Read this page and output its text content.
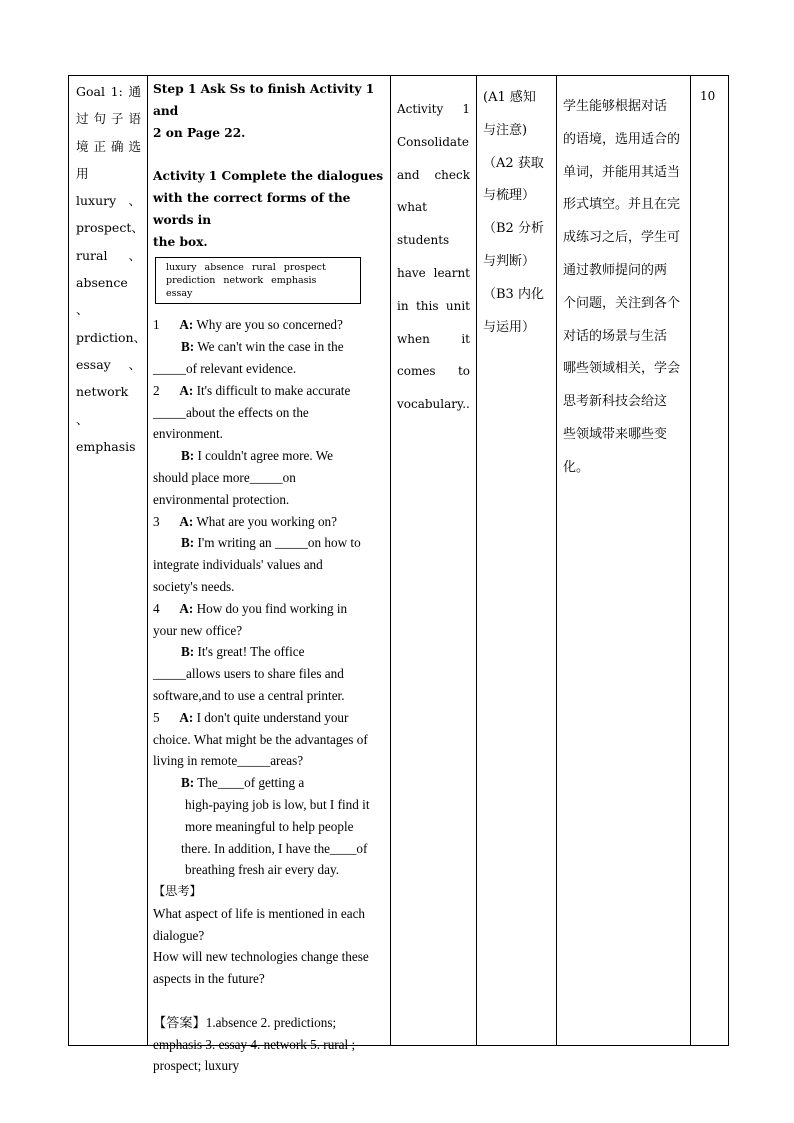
Goal 1: 通
过句子语
境正确选
用luxury、
prospect、
rural 、
absence 、
prdiction、
essay 、
network 、
emphasis
Step 1 Ask Ss to finish Activity 1 and
2 on Page 22.
Activity 1 Complete the dialogues
with the correct forms of the words in
the box.
luxury absence rural prospect
prediction network emphasisessay
1 A: Why are you so concerned?
B: We can't win the case in the
_____of relevant evidence.
2 A: It's difficult to make accurate
_____about the effects on the
environment.
B: I couldn't agree more. We
should place more_____on
environmental protection.
3 A: What are you working on?
B: I'm writing an _____on how to
integrate individuals' values and
society's needs.
4 A: How do you find working in
your new office?
B: It's great! The office
_____allows users to share files and
software,and to use a central printer.
5 A: I don't quite understand your
choice. What might be the advantages of
living in remote_____areas?
B: The____of getting a
high-paying job is low, but I find it
more meaningful to help people
there. In addition, I have the____of
breathing fresh air every day.
【思考】
What aspect of life is mentioned in each
dialogue?
How will new technologies change these
aspects in the future?
【答案】1.absence 2. predictions;
emphasis 3. essay 4. network 5. rural ;
prospect; luxury
Activity 1
Consolidate
and check
what
students
have learnt
in this unit
when it
comes to
vocabulary..
(A1 感知
与注意)
（A2 获取
与梳理）
（B2 分析
与判断）
（B3 内化
与运用）
学生能够根据对话
的语境，选用适合的
单词，并能用其适当
形式填空。并且在完
成练习之后，学生可
通过教师提问的两
个问题，关注到各个
对话的场景与生活
哪些领域相关，学会
思考新科技会给这
些领域带来哪些变
化。
10
